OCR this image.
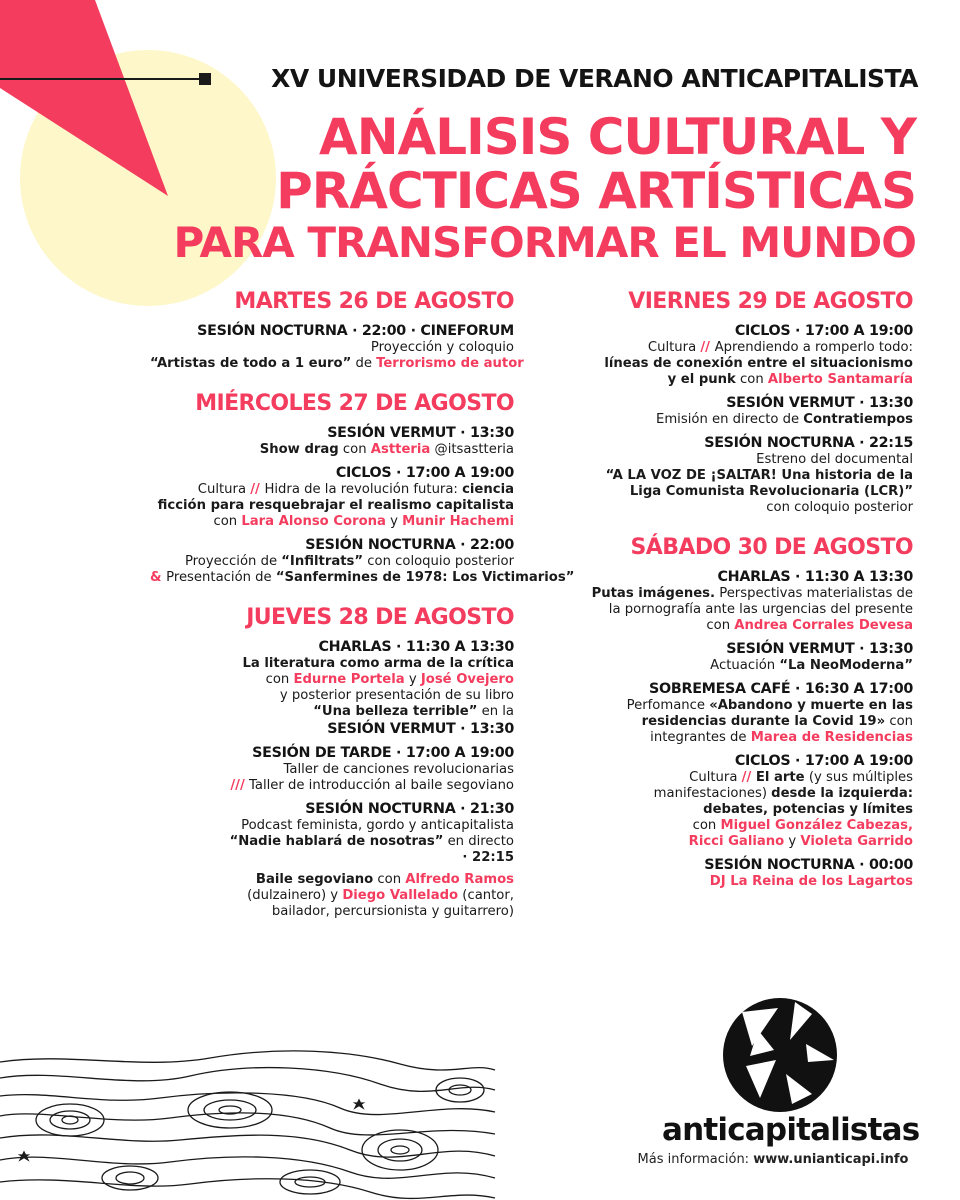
XV UNIVERSIDAD DE VERANO ANTICAPITALISTA
ANÁLISIS CULTURAL Y
PRÁCTICAS ARTÍSTICAS
PARA TRANSFORMAR EL MUNDO
MARTES 26 DE AGOSTO
SESIÓN NOCTURNA · 22:00 · CINEFORUM
Proyección y coloquio
“Artistas de todo a 1 euro” de Terrorismo de autor
MIÉRCOLES 27 DE AGOSTO
SESIÓN VERMUT · 13:30
Show drag con Astteria @itsastteria
CICLOS · 17:00 A 19:00
Cultura // Hidra de la revolución futura: ciencia
ficción para resquebrajar el realismo capitalista
con Lara Alonso Corona y Munir Hachemi
SESIÓN NOCTURNA · 22:00
Proyección de “Infiltrats” con coloquio posterior
& Presentación de “Sanfermines de 1978: Los Victimarios”
JUEVES 28 DE AGOSTO
CHARLAS · 11:30 A 13:30
La literatura como arma de la crítica
con Edurne Portela y José Ovejero
y posterior presentación de su libro
“Una belleza terrible” en la
SESIÓN VERMUT · 13:30
SESIÓN DE TARDE · 17:00 A 19:00
Taller de canciones revolucionarias
/// Taller de introducción al baile segoviano
SESIÓN NOCTURNA · 21:30
Podcast feminista, gordo y anticapitalista
“Nadie hablará de nosotras” en directo
· 22:15
Baile segoviano con Alfredo Ramos
(dulzainero) y Diego Vallelado (cantor,
bailador, percursionista y guitarrero)
VIERNES 29 DE AGOSTO
CICLOS · 17:00 A 19:00
Cultura // Aprendiendo a romperlo todo:
líneas de conexión entre el situacionismo
y el punk con Alberto Santamaría
SESIÓN VERMUT · 13:30
Emisión en directo de Contratiempos
SESIÓN NOCTURNA · 22:15
Estreno del documental
“A LA VOZ DE ¡SALTAR! Una historia de la
Liga Comunista Revolucionaria (LCR)”
con coloquio posterior
SÁBADO 30 DE AGOSTO
CHARLAS · 11:30 A 13:30
Putas imágenes. Perspectivas materialistas de
la pornografía ante las urgencias del presente
con Andrea Corrales Devesa
SESIÓN VERMUT · 13:30
Actuación “La NeoModerna”
SOBREMESA CAFÉ · 16:30 A 17:00
Perfomance «Abandono y muerte en las
residencias durante la Covid 19» con
integrantes de Marea de Residencias
CICLOS · 17:00 A 19:00
Cultura // El arte (y sus múltiples
manifestaciones) desde la izquierda:
debates, potencias y límites
con Miguel González Cabezas,
Ricci Galiano y Violeta Garrido
SESIÓN NOCTURNA · 00:00
DJ La Reina de los Lagartos
anticapitalistas
Más información: www.unianticapi.info
